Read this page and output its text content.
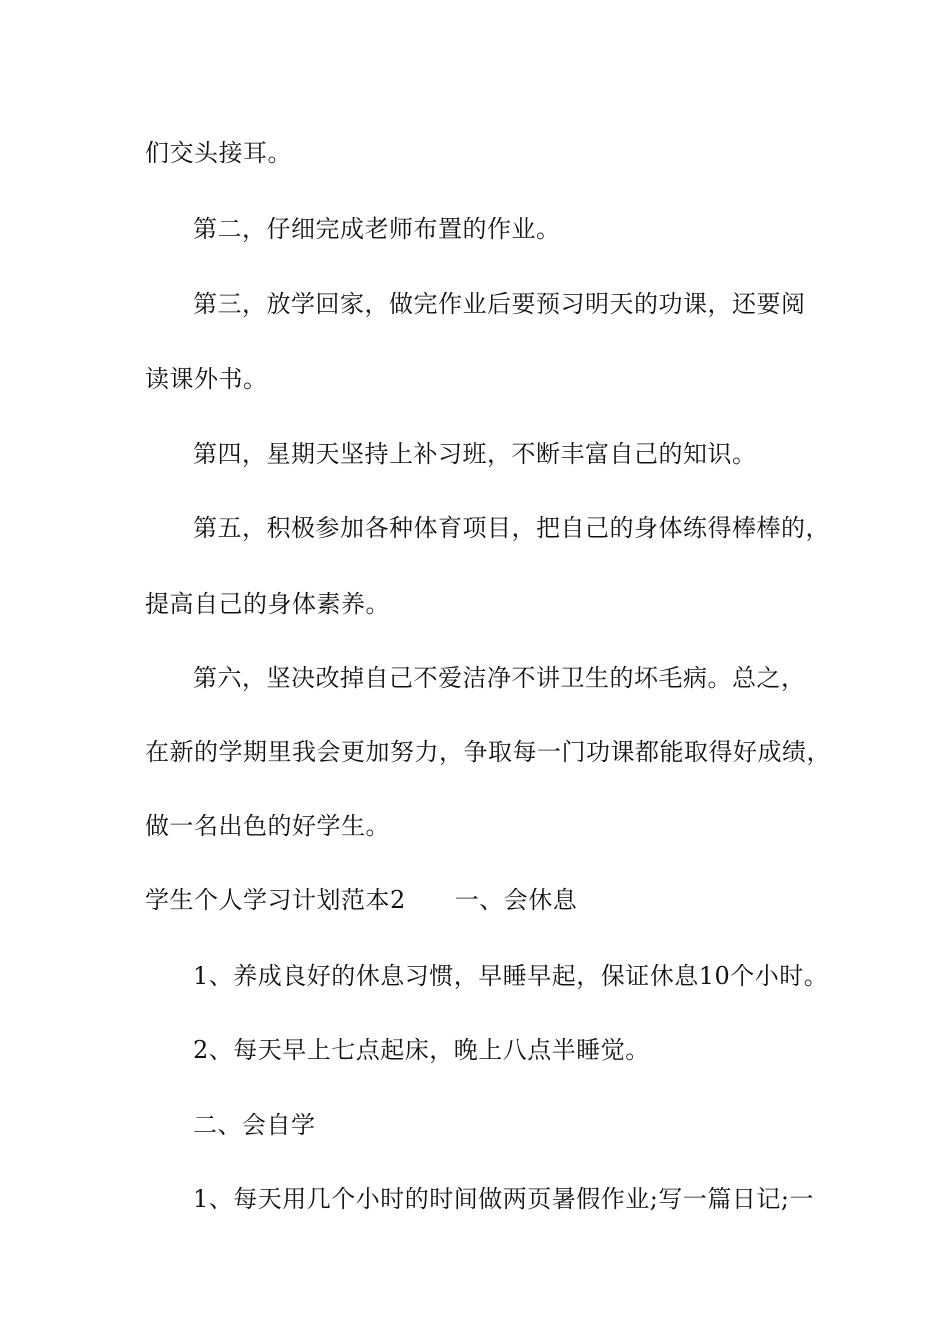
们交头接耳。
第二，仔细完成老师布置的作业。
第三，放学回家，做完作业后要预习明天的功课，还要阅
读课外书。
第四，星期天坚持上补习班，不断丰富自己的知识。
第五，积极参加各种体育项目，把自己的身体练得棒棒的，
提高自己的身体素养。
第六，坚决改掉自己不爱洁净不讲卫生的坏毛病。总之，
在新的学期里我会更加努力，争取每一门功课都能取得好成绩，
做一名出色的好学生。
学生个人学习计划范本2　　一、会休息
1、养成良好的休息习惯，早睡早起，保证休息10个小时。
2、每天早上七点起床，晚上八点半睡觉。
二、会自学
1、每天用几个小时的时间做两页暑假作业;写一篇日记;一
